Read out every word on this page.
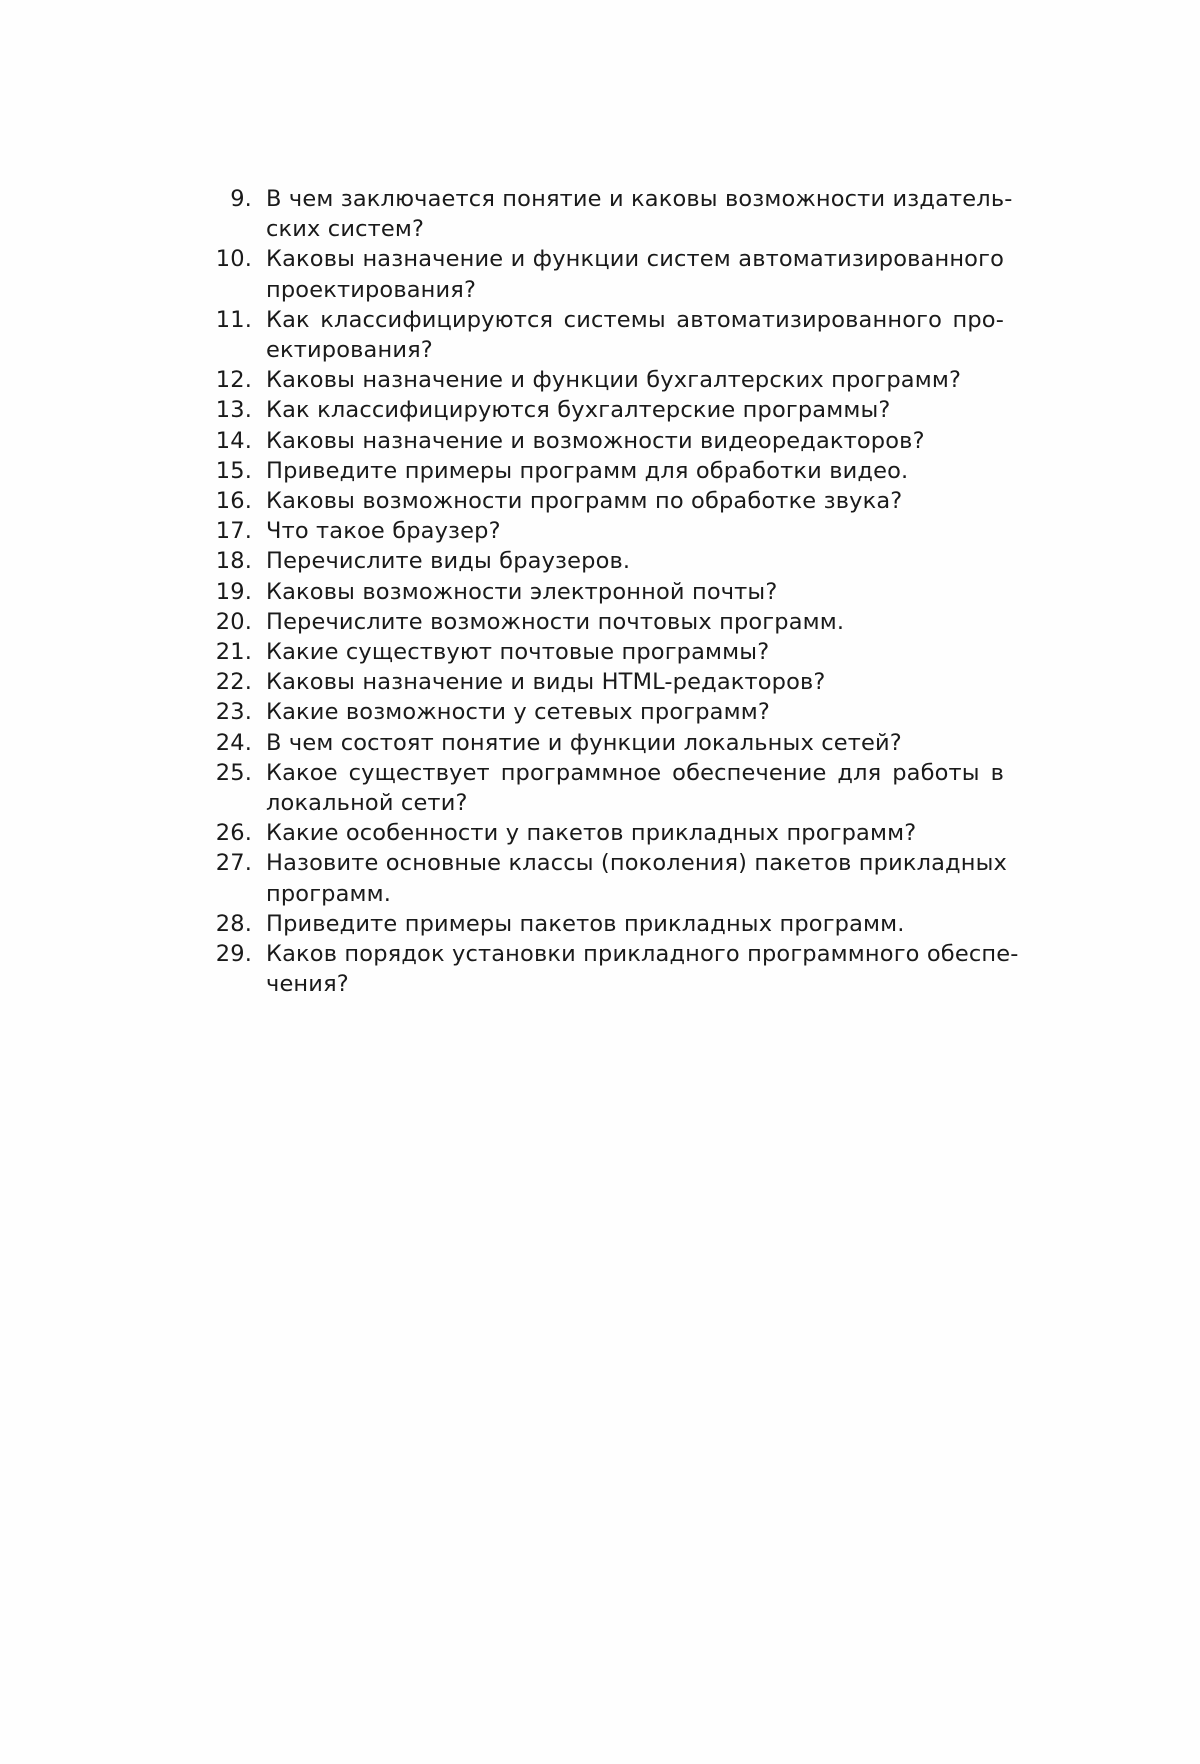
9. В чем заключается понятие и каковы возможности издатель-
ских систем?
10. Каковы назначение и функции систем автоматизированного
проектирования?
11. Как классифицируются системы автоматизированного про-
ектирования?
12. Каковы назначение и функции бухгалтерских программ?
13. Как классифицируются бухгалтерские программы?
14. Каковы назначение и возможности видеоредакторов?
15. Приведите примеры программ для обработки видео.
16. Каковы возможности программ по обработке звука?
17. Что такое браузер?
18. Перечислите виды браузеров.
19. Каковы возможности электронной почты?
20. Перечислите возможности почтовых программ.
21. Какие существуют почтовые программы?
22. Каковы назначение и виды HTML-редакторов?
23. Какие возможности у сетевых программ?
24. В чем состоят понятие и функции локальных сетей?
25. Какое существует программное обеспечение для работы в
локальной сети?
26. Какие особенности у пакетов прикладных программ?
27. Назовите основные классы (поколения) пакетов прикладных
программ.
28. Приведите примеры пакетов прикладных программ.
29. Каков порядок установки прикладного программного обеспе-
чения?
